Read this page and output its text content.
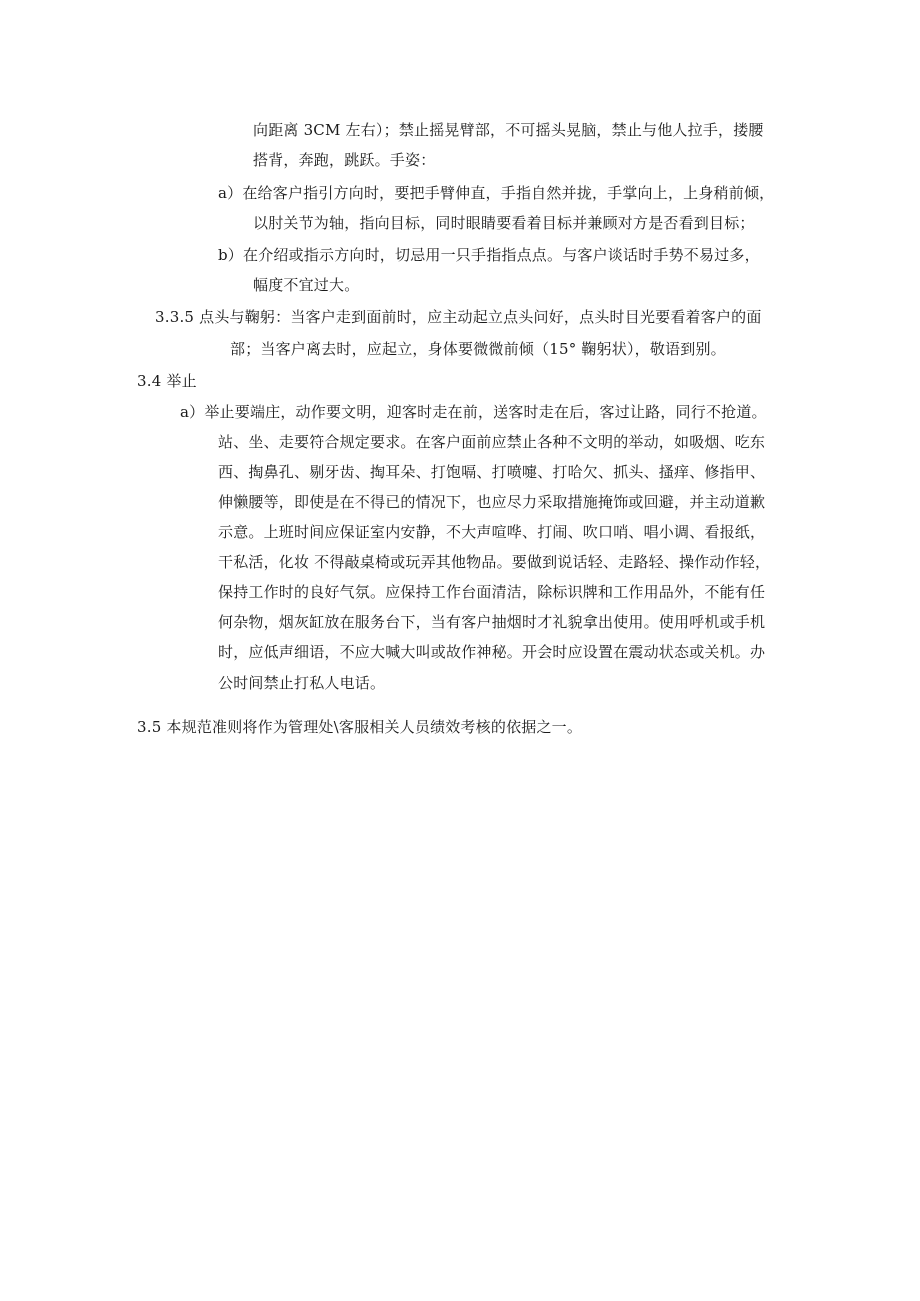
向距离 3CM 左右）；禁止摇晃臂部，不可摇头晃脑，禁止与他人拉手，搂腰
搭背，奔跑，跳跃。手姿：
a）在给客户指引方向时，要把手臂伸直，手指自然并拢，手掌向上，上身稍前倾，
以肘关节为轴，指向目标，同时眼睛要看着目标并兼顾对方是否看到目标；
b）在介绍或指示方向时，切忌用一只手指指点点。与客户谈话时手势不易过多，
幅度不宜过大。
3.3.5 点头与鞠躬：当客户走到面前时，应主动起立点头问好，点头时目光要看着客户的面
部；当客户离去时，应起立，身体要微微前倾（15° 鞠躬状），敬语到别。
3.4 举止
a）举止要端庄，动作要文明，迎客时走在前，送客时走在后，客过让路，同行不抢道。
站、坐、走要符合规定要求。在客户面前应禁止各种不文明的举动，如吸烟、吃东
西、掏鼻孔、剔牙齿、掏耳朵、打饱嗝、打喷嚏、打哈欠、抓头、搔痒、修指甲、
伸懒腰等，即使是在不得已的情况下，也应尽力采取措施掩饰或回避，并主动道歉
示意。上班时间应保证室内安静，不大声喧哗、打闹、吹口哨、唱小调、看报纸，
干私活，化妆 不得敲桌椅或玩弄其他物品。要做到说话轻、走路轻、操作动作轻，
保持工作时的良好气氛。应保持工作台面清洁，除标识牌和工作用品外，不能有任
何杂物，烟灰缸放在服务台下，当有客户抽烟时才礼貌拿出使用。使用呼机或手机
时，应低声细语，不应大喊大叫或故作神秘。开会时应设置在震动状态或关机。办
公时间禁止打私人电话。
3.5 本规范准则将作为管理处\客服相关人员绩效考核的依据之一。
